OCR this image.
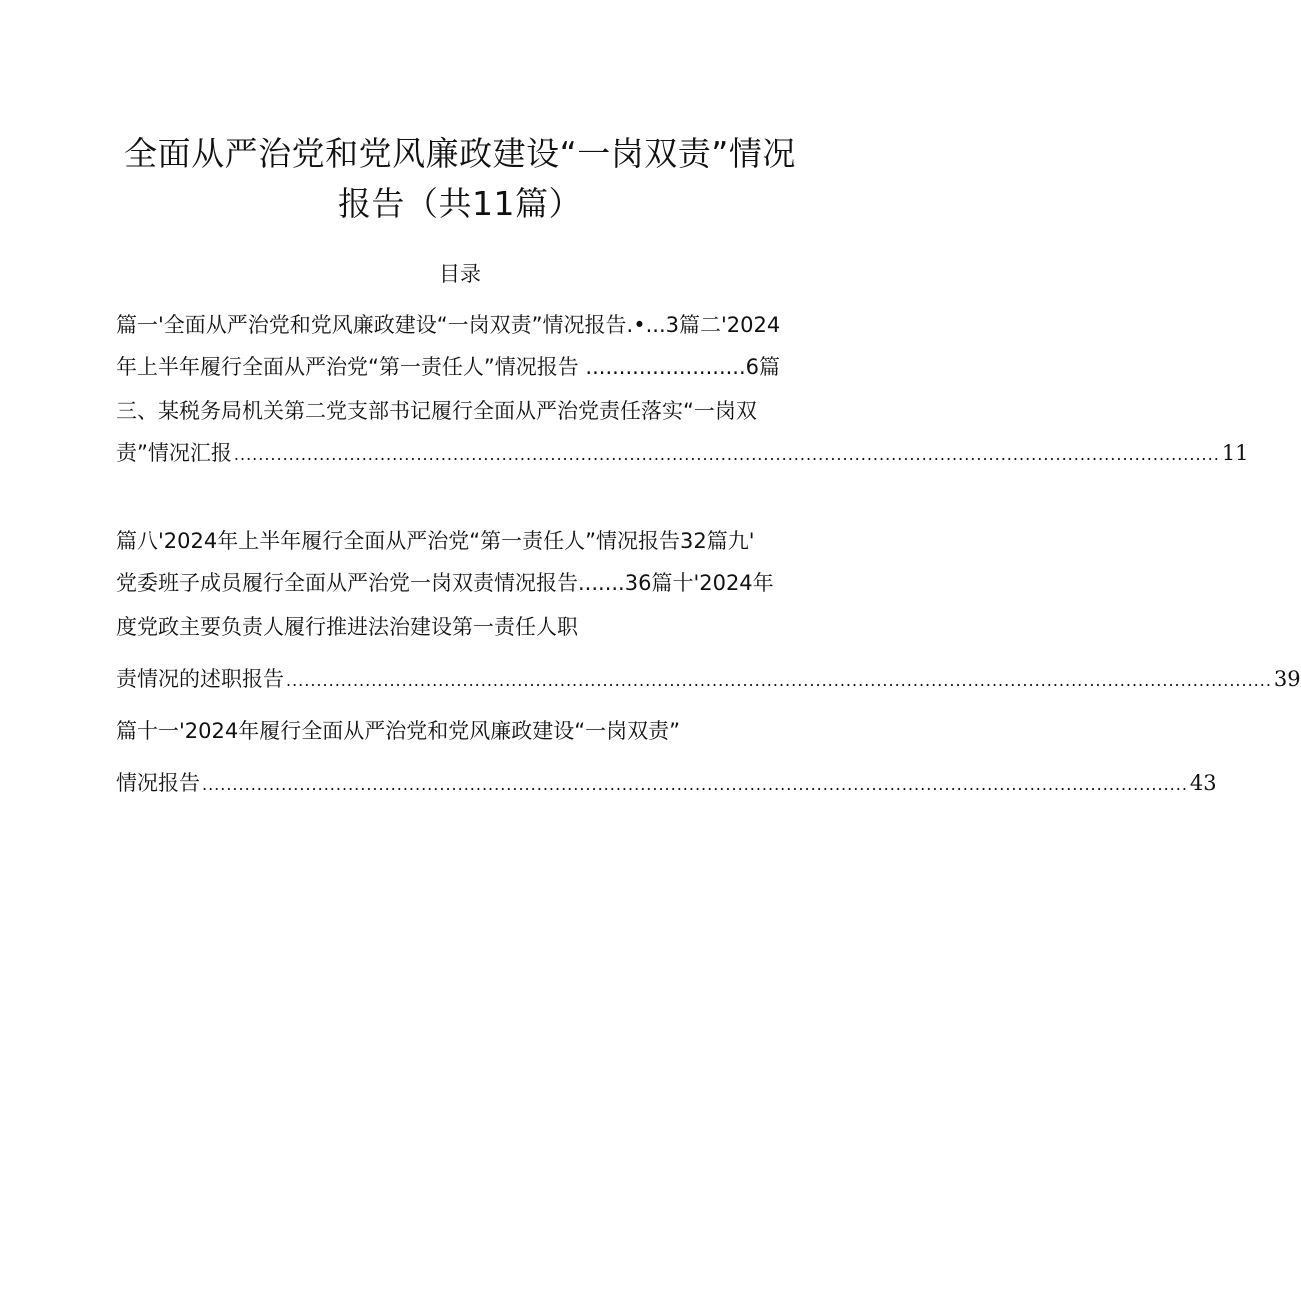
全面从严治党和党风廉政建设“一岗双责”情况
报告（共11篇）
目录
篇一'全面从严治党和党风廉政建设“一岗双责”情况报告.•...3篇二'2024
年上半年履行全面从严治党“第一责任人”情况报告 ........................6篇
三、某税务局机关第二党支部书记履行全面从严治党责任落实“一岗双
责”情况汇报 .................................................................................................................................................................. 11
篇八'2024年上半年履行全面从严治党“第一责任人”情况报告32篇九'
党委班子成员履行全面从严治党一岗双责情况报告.......36篇十'2024年
度党政主要负责人履行推进法治建设第一责任人职
责情况的述职报告 .................................................................................................................................................................. 39
篇十一'2024年履行全面从严治党和党风廉政建设“一岗双责”
情况报告 .................................................................................................................................................................. 43
